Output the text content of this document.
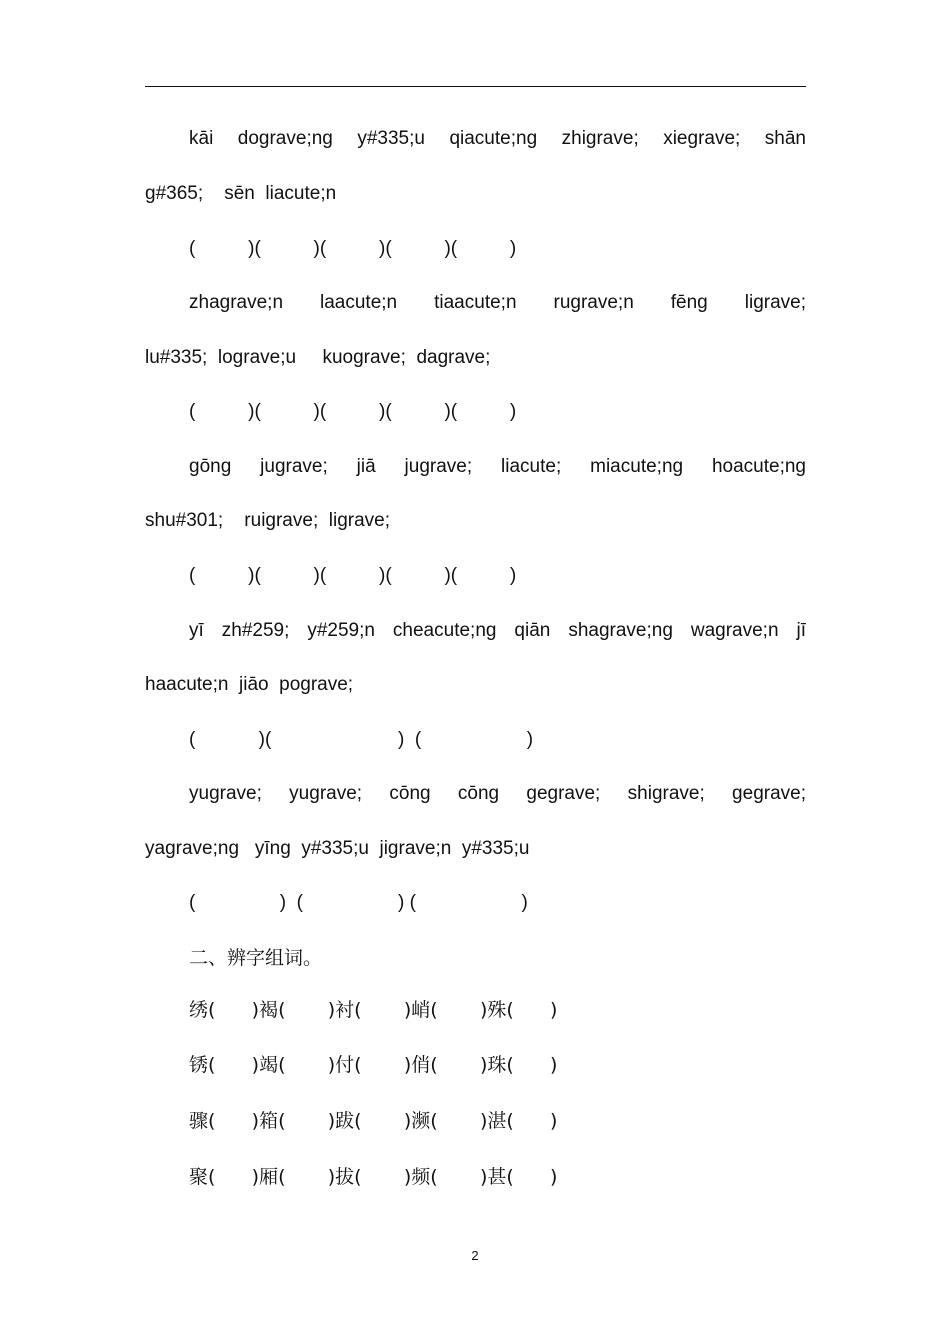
kāi dograve;ng y#335;u qiacute;ng zhigrave; xiegrave; shān
g#365;    sēn  liacute;n
(          )(          )(          )(          )(          )
zhagrave;n laacute;n tiaacute;n rugrave;n fēng ligrave;
lu#335;  lograve;u     kuograve;  dagrave;
(          )(          )(          )(          )(          )
gōng jugrave; jiā jugrave; liacute; miacute;ng hoacute;ng
shu#301;    ruigrave;  ligrave;
(          )(          )(          )(          )(          )
yī zh#259; y#259;n cheacute;ng qiān shagrave;ng wagrave;n jī
haacute;n  jiāo  pograve;
(            )(                        )  (                    )
yugrave; yugrave; cōng cōng gegrave; shigrave; gegrave;
yagrave;ng   yīng  y#335;u  jigrave;n  y#335;u
(                )  (                  ) (                    )
二、辨字组词。
绣(      )褐(       )衬(       )峭(       )殊(      )
锈(      )竭(       )付(       )俏(       )珠(      )
骤(      )箱(       )跋(       )濒(       )湛(      )
聚(      )厢(       )拔(       )频(       )甚(      )
2
